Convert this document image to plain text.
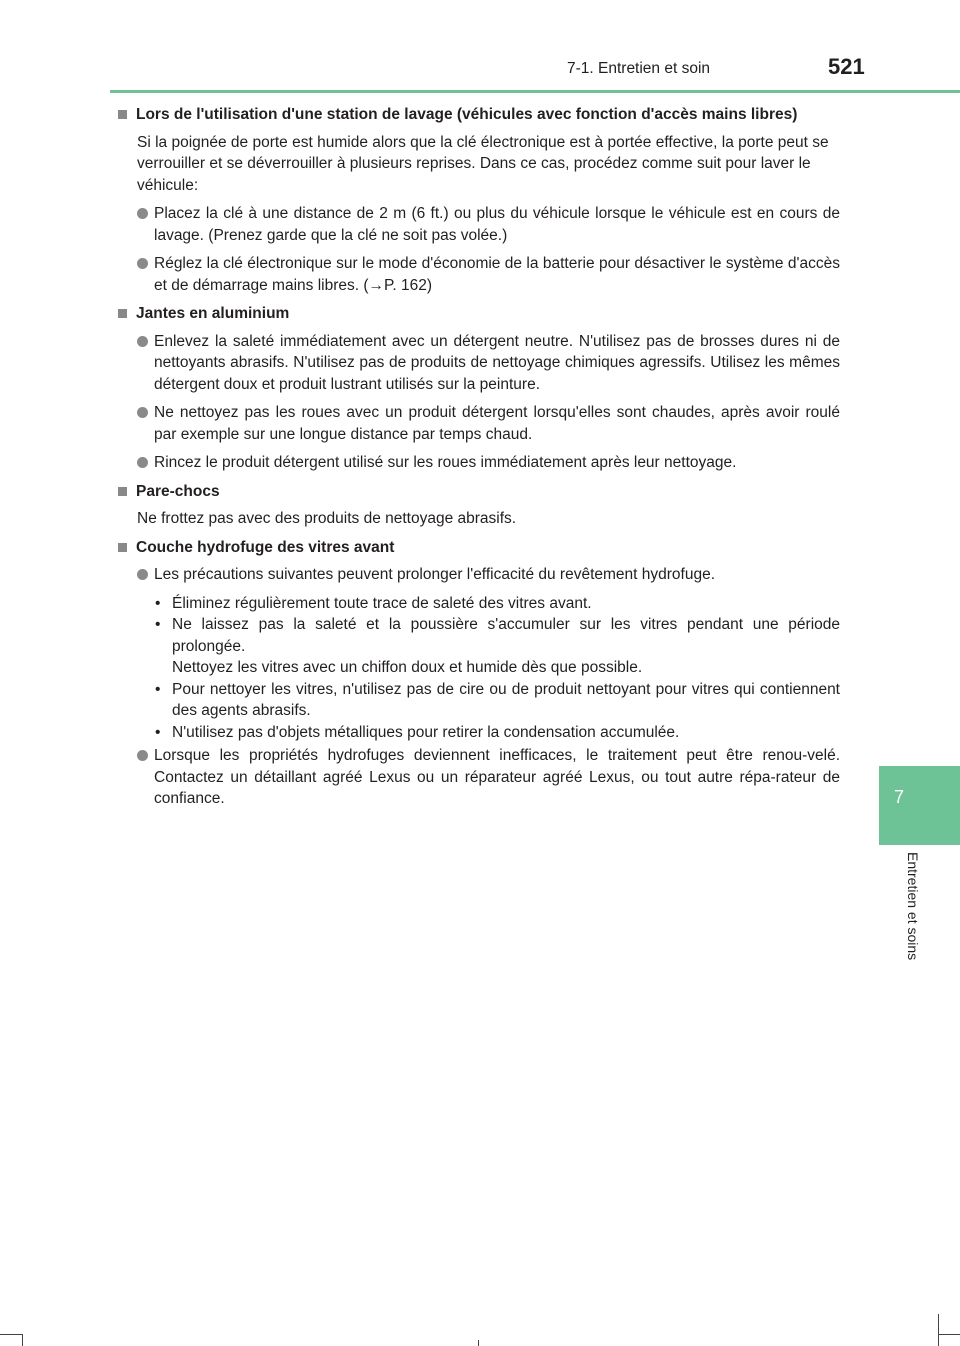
7-1. Entretien et soin	521
7
Entretien et soins
Lors de l'utilisation d'une station de lavage (véhicules avec fonction d'accès mains libres)
Si la poignée de porte est humide alors que la clé électronique est à portée effective, la porte peut se verrouiller et se déverrouiller à plusieurs reprises. Dans ce cas, procédez comme suit pour laver le véhicule:
Placez la clé à une distance de 2 m (6 ft.) ou plus du véhicule lorsque le véhicule est en cours de lavage. (Prenez garde que la clé ne soit pas volée.)
Réglez la clé électronique sur le mode d'économie de la batterie pour désactiver le système d'accès et de démarrage mains libres. (→P. 162)
Jantes en aluminium
Enlevez la saleté immédiatement avec un détergent neutre. N'utilisez pas de brosses dures ni de nettoyants abrasifs. N'utilisez pas de produits de nettoyage chimiques agressifs. Utilisez les mêmes détergent doux et produit lustrant utilisés sur la peinture.
Ne nettoyez pas les roues avec un produit détergent lorsqu'elles sont chaudes, après avoir roulé par exemple sur une longue distance par temps chaud.
Rincez le produit détergent utilisé sur les roues immédiatement après leur nettoyage.
Pare-chocs
Ne frottez pas avec des produits de nettoyage abrasifs.
Couche hydrofuge des vitres avant
Les précautions suivantes peuvent prolonger l'efficacité du revêtement hydrofuge.
• Éliminez régulièrement toute trace de saleté des vitres avant.
• Ne laissez pas la saleté et la poussière s'accumuler sur les vitres pendant une période prolongée.
Nettoyez les vitres avec un chiffon doux et humide dès que possible.
• Pour nettoyer les vitres, n'utilisez pas de cire ou de produit nettoyant pour vitres qui contiennent des agents abrasifs.
• N'utilisez pas d'objets métalliques pour retirer la condensation accumulée.
Lorsque les propriétés hydrofuges deviennent inefficaces, le traitement peut être renou-velé. Contactez un détaillant agréé Lexus ou un réparateur agréé Lexus, ou tout autre répa-rateur de confiance.
